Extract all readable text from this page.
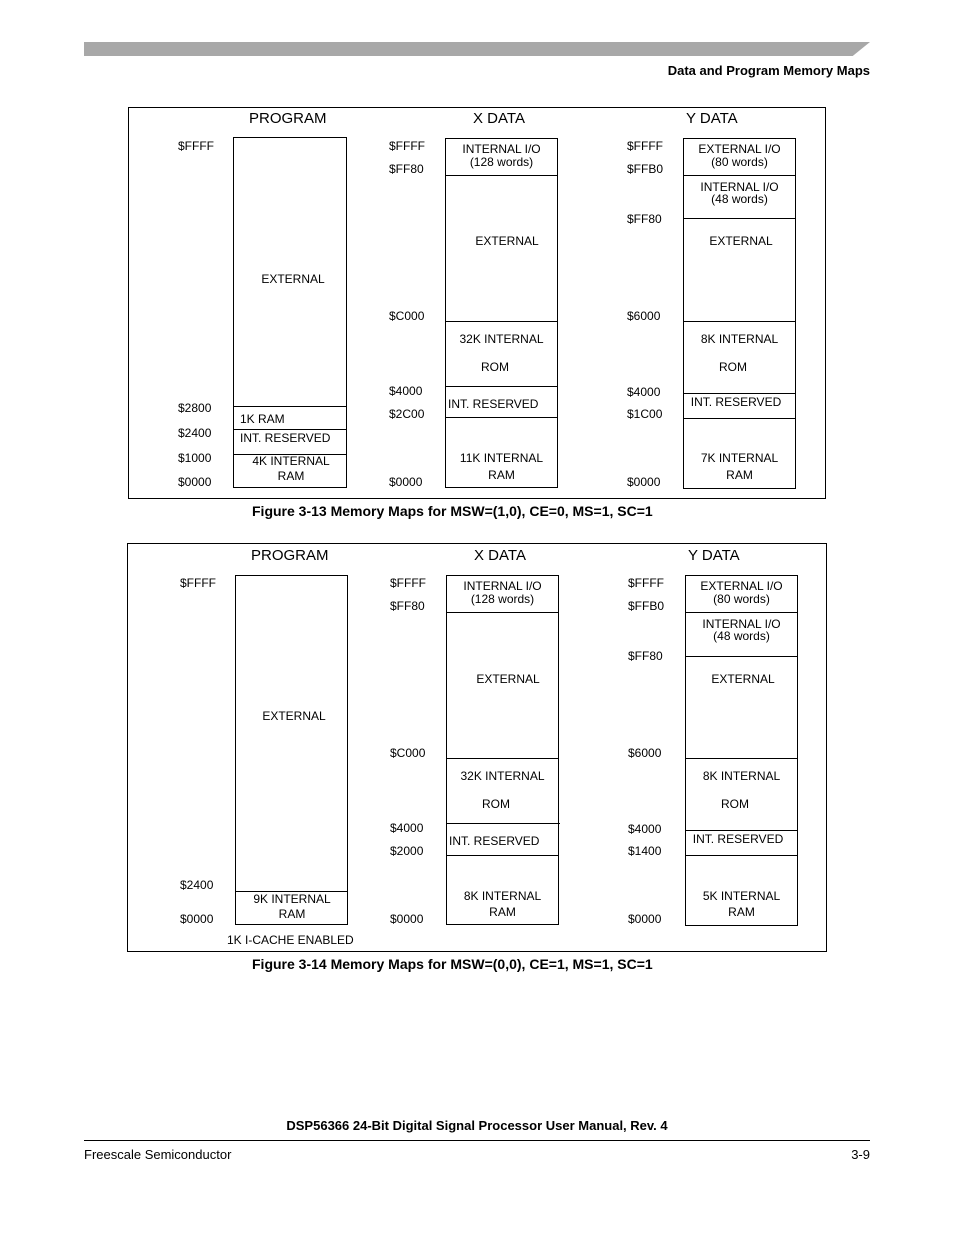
Data and Program Memory Maps
PROGRAM	X DATA	Y DATA
$FFFF
$2800
$2400
$1000
$0000
EXTERNAL
1K RAM
INT. RESERVED
4K INTERNAL
RAM
$FFFF
$FF80
$C000
$4000
$2C00
$0000
INTERNAL I/O
(128 words)
EXTERNAL
32K INTERNAL
ROM
INT. RESERVED
11K INTERNAL
RAM
$FFFF
$FFB0
$FF80
$6000
$4000
$1C00
$0000
EXTERNAL I/O
(80 words)
INTERNAL I/O
(48 words)
EXTERNAL
8K INTERNAL
ROM
INT. RESERVED
7K INTERNAL
RAM
Figure 3-13 Memory Maps for MSW=(1,0), CE=0, MS=1, SC=1
PROGRAM	X DATA	Y DATA
$FFFF
$2400
$0000
EXTERNAL
9K INTERNAL
RAM
1K I-CACHE ENABLED
$FFFF
$FF80
$C000
$4000
$2000
$0000
INTERNAL I/O
(128 words)
EXTERNAL
32K INTERNAL
ROM
INT. RESERVED
8K INTERNAL
RAM
$FFFF
$FFB0
$FF80
$6000
$4000
$1400
$0000
EXTERNAL I/O
(80 words)
INTERNAL I/O
(48 words)
EXTERNAL
8K INTERNAL
ROM
INT. RESERVED
5K INTERNAL
RAM
Figure 3-14 Memory Maps for MSW=(0,0), CE=1, MS=1, SC=1
DSP56366 24-Bit Digital Signal Processor User Manual, Rev. 4
Freescale Semiconductor	3-9
